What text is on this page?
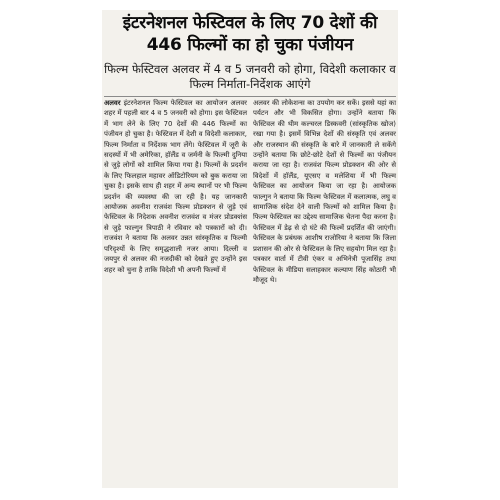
इंटरनेशनल फेस्टिवल के लिए 70 देशों की 446 फिल्मों का हो चुका पंजीयन

फिल्म फेस्टिवल अलवर में 4 व 5 जनवरी को होगा, विदेशी कलाकार व फिल्म निर्माता-निर्देशक आएंगे

अलवर इंटरनेशनल फिल्म फेस्टिवल का आयोजन अलवर शहर में पहली बार 4 व 5 जनवरी को होगा। इस फेस्टिवल में भाग लेने के लिए 70 देशों की 446 फिल्मों का पंजीयन हो चुका है। फेस्टिवल में देशी व विदेशी कलाकार, फिल्म निर्माता व निर्देशक भाग लेंगे। फेस्टिवल में जूरी के सदस्यों में भी अमेरिका, हॉलैंड व जर्मनी के फिल्मी दुनिया से जुड़े लोगों को शामिल किया गया है। फिल्मों के प्रदर्शन के लिए फिलहाल महावर ऑडिटोरियम को बुक कराया जा चुका है। इसके साथ ही शहर में अन्य स्थानों पर भी फिल्म प्रदर्शन की व्यवस्था की जा रही है। यह जानकारी आयोजक अवनीश राजवंश फिल्म प्रोडक्शन से जुड़े एवं फेस्टिवल के निदेशक अवनीश राजवंश व मंजर प्रोडक्शंस से जुड़े फाल्गुन त्रिपाठी ने रविवार को पत्रकारों को दी। राजवंश ने बताया कि अलवर उन्नत सांस्कृतिक व फिल्मी परिदृश्यों के लिए समृद्धशाली नजर आया। दिल्ली व जयपुर से अलवर की नजदीकी को देखते हुए उन्होंने इस शहर को चुना है ताकि विदेशी भी अपनी फिल्मों में

अलवर की लोकेशन्स का उपयोग कर सकें। इससे यहां का पर्यटन और भी विकसित होगा। उन्होंने बताया कि फेस्टिवल की थीम कल्चरल डिस्कवरी (सांस्कृतिक खोज) रखा गया है। इसमें विभिन्न देशों की संस्कृति एवं अलवर और राजस्थान की संस्कृति के बारे में जानकारी ले सकेंगे उन्होंने बताया कि छोटे-छोटे देशों से फिल्मों का पंजीयन कराया जा रहा है। राजवंश फिल्म प्रोडक्शन की ओर से विदेशों में हॉलैंड, यूएसए व मलेशिया में भी फिल्म फेस्टिवल का आयोजन किया जा रहा है। आयोजक फाल्गुन ने बताया कि फिल्म फेस्टिवल में कलात्मक, लघु व सामाजिक संदेश देने वाली फिल्मों को शामिल किया है। फिल्म फेस्टिवल का उद्देश्य सामाजिक चेतना पैदा करना है। फेस्टिवल में डेढ़ से दो घंटे की फिल्में प्रदर्शित की जाएंगी। फेस्टिवल के प्रबंधक आशीष राजोरिया ने बताया कि जिला प्रशासन की ओर से फेस्टिवल के लिए सहयोग मिल रहा है। पत्रकार वार्ता में टीवी एंकर व अभिनेत्री पूजासिंह तथा फेस्टिवल के मीडिया सलाहकार कल्याण सिंह कोठारी भी मौजूद थे।
